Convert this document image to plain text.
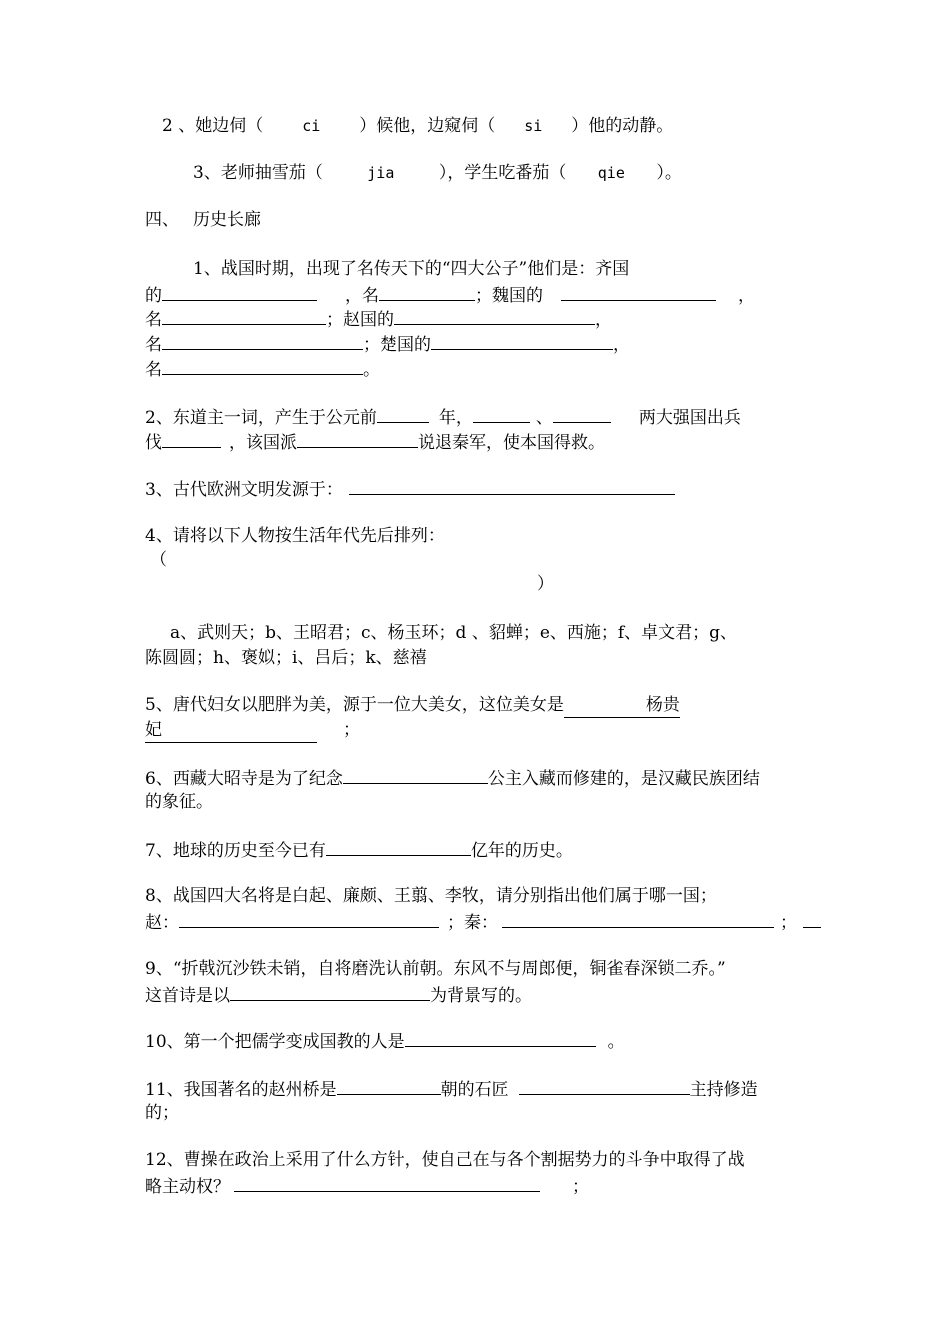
2 、她边伺（	ci ）候他，边窥伺（ si ）他的动静。
3、老师抽雪茄（	jia	），学生吃番茄（ qie ）。
四、 历史长廊
1、战国时期，出现了名传天下的“四大公子”他们是：齐国
的	，名	；魏国的	，
名	；赵国的	，
名	；楚国的	，
名	。
2、东道主一词，产生于公元前	年，	、	两大强国出兵
伐	，该国派	说退秦军，使本国得救。
3、古代欧洲文明发源于：
4、请将以下人物按生活年代先后排列：
（
）
a、武则天；b、王昭君；c、杨玉环；d 、貂蝉；e、西施；f、卓文君；g、
陈圆圆；h、褒姒；i、吕后；k、慈禧
5、唐代妇女以肥胖为美，源于一位大美女，这位美女是	杨贵
妃	；
6、西藏大昭寺是为了纪念	公主入藏而修建的，是汉藏民族团结
的象征。
7、地球的历史至今已有	亿年的历史。
8、战国四大名将是白起、廉颇、王翦、李牧，请分别指出他们属于哪一国；
赵：	；秦：	；
9、“折戟沉沙铁未销，自将磨洗认前朝。东风不与周郎便，铜雀春深锁二乔。”
这首诗是以	为背景写的。
10、第一个把儒学变成国教的人是	。
11、我国著名的赵州桥是	朝的石匠	主持修造
的；
12、曹操在政治上采用了什么方针，使自己在与各个割据势力的斗争中取得了战
略主动权？	；
